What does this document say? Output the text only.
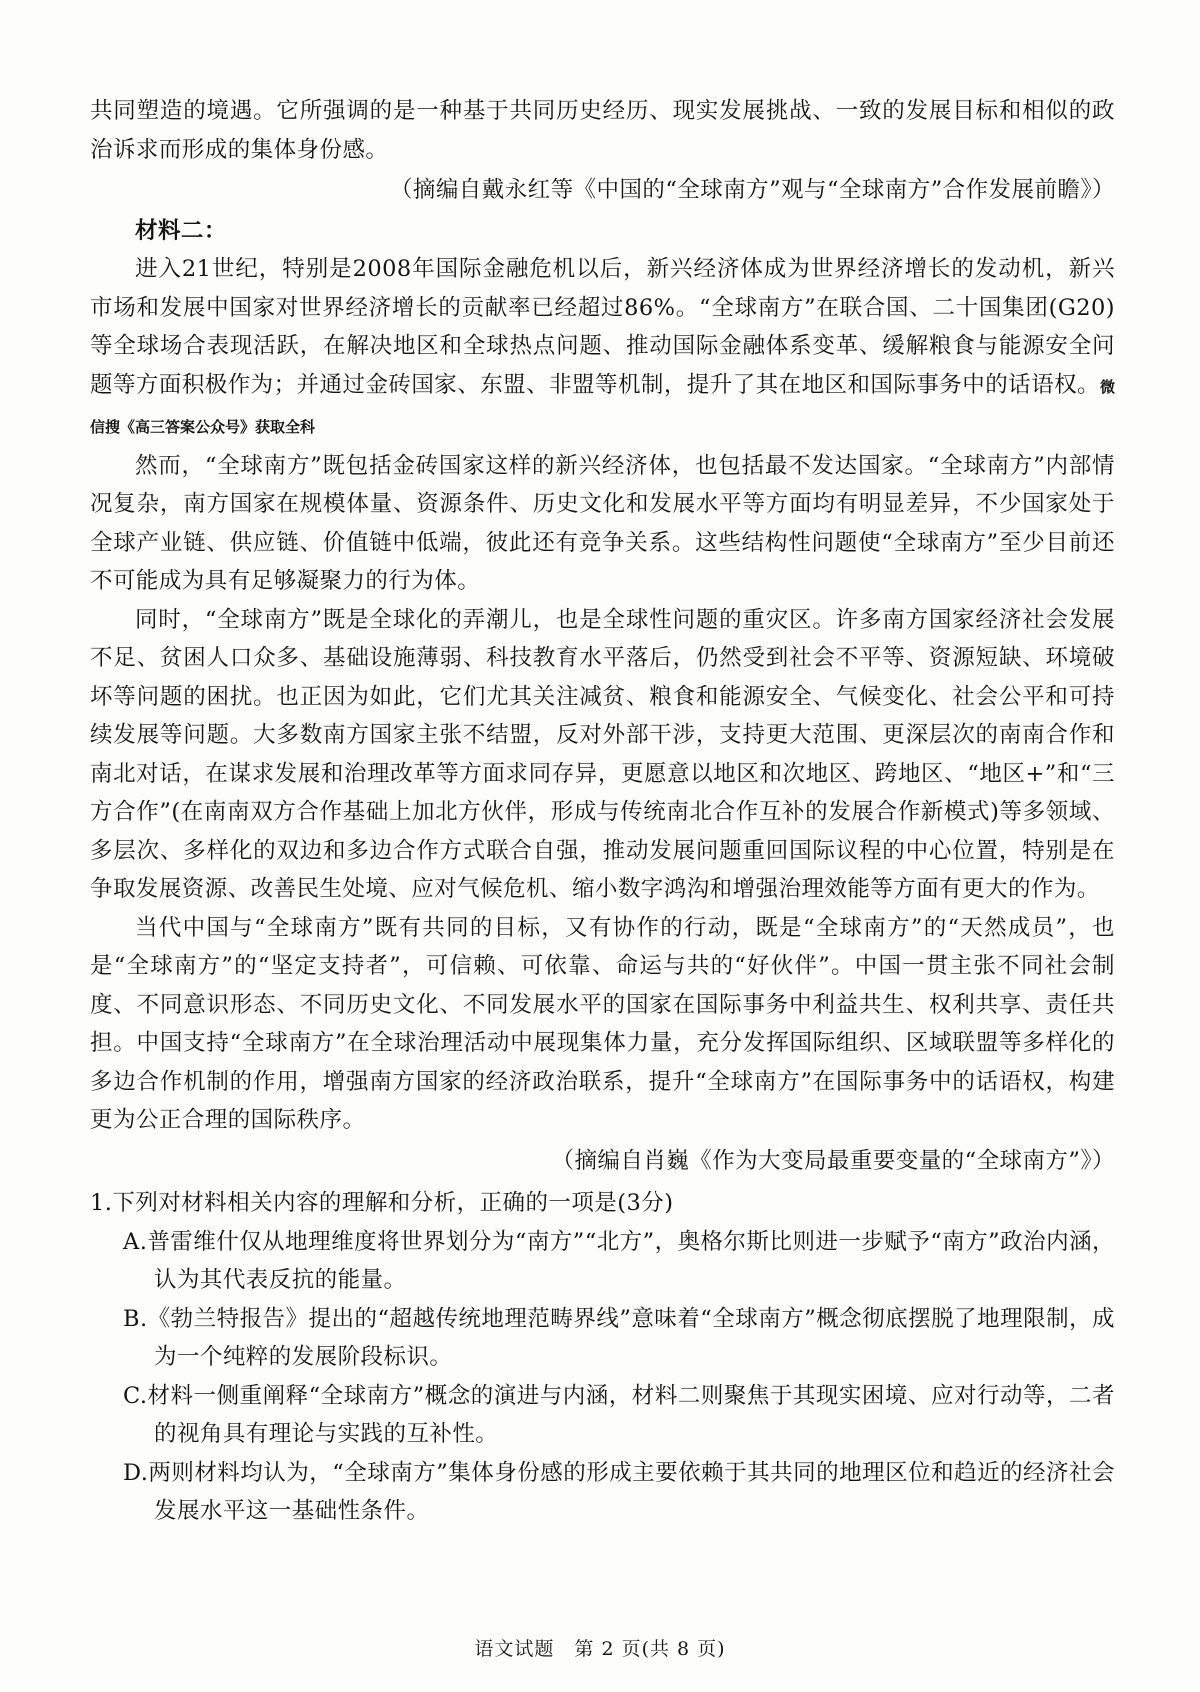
共同塑造的境遇。它所强调的是一种基于共同历史经历、现实发展挑战、一致的发展目标和相似的政治诉求而形成的集体身份感。

（摘编自戴永红等《中国的“全球南方”观与“全球南方”合作发展前瞻》）

材料二：

进入21世纪，特别是2008年国际金融危机以后，新兴经济体成为世界经济增长的发动机，新兴市场和发展中国家对世界经济增长的贡献率已经超过86%。“全球南方”在联合国、二十国集团(G20)等全球场合表现活跃，在解决地区和全球热点问题、推动国际金融体系变革、缓解粮食与能源安全问题等方面积极作为；并通过金砖国家、东盟、非盟等机制，提升了其在地区和国际事务中的话语权。微信搜《高三答案公众号》获取全科

然而，“全球南方”既包括金砖国家这样的新兴经济体，也包括最不发达国家。“全球南方”内部情况复杂，南方国家在规模体量、资源条件、历史文化和发展水平等方面均有明显差异，不少国家处于全球产业链、供应链、价值链中低端，彼此还有竞争关系。这些结构性问题使“全球南方”至少目前还不可能成为具有足够凝聚力的行为体。

同时，“全球南方”既是全球化的弄潮儿，也是全球性问题的重灾区。许多南方国家经济社会发展不足、贫困人口众多、基础设施薄弱、科技教育水平落后，仍然受到社会不平等、资源短缺、环境破坏等问题的困扰。也正因为如此，它们尤其关注减贫、粮食和能源安全、气候变化、社会公平和可持续发展等问题。大多数南方国家主张不结盟，反对外部干涉，支持更大范围、更深层次的南南合作和南北对话，在谋求发展和治理改革等方面求同存异，更愿意以地区和次地区、跨地区、“地区+”和“三方合作”(在南南双方合作基础上加北方伙伴，形成与传统南北合作互补的发展合作新模式)等多领域、多层次、多样化的双边和多边合作方式联合自强，推动发展问题重回国际议程的中心位置，特别是在争取发展资源、改善民生处境、应对气候危机、缩小数字鸿沟和增强治理效能等方面有更大的作为。

当代中国与“全球南方”既有共同的目标，又有协作的行动，既是“全球南方”的“天然成员”，也是“全球南方”的“坚定支持者”，可信赖、可依靠、命运与共的“好伙伴”。中国一贯主张不同社会制度、不同意识形态、不同历史文化、不同发展水平的国家在国际事务中利益共生、权利共享、责任共担。中国支持“全球南方”在全球治理活动中展现集体力量，充分发挥国际组织、区域联盟等多样化的多边合作机制的作用，增强南方国家的经济政治联系，提升“全球南方”在国际事务中的话语权，构建更为公正合理的国际秩序。

（摘编自肖巍《作为大变局最重要变量的“全球南方”》）

1.下列对材料相关内容的理解和分析，正确的一项是(3分)

A.普雷维什仅从地理维度将世界划分为“南方”“北方”，奥格尔斯比则进一步赋予“南方”政治内涵，认为其代表反抗的能量。

B.《勃兰特报告》提出的“超越传统地理范畴界线”意味着“全球南方”概念彻底摆脱了地理限制，成为一个纯粹的发展阶段标识。

C.材料一侧重阐释“全球南方”概念的演进与内涵，材料二则聚焦于其现实困境、应对行动等，二者的视角具有理论与实践的互补性。

D.两则材料均认为，“全球南方”集体身份感的形成主要依赖于其共同的地理区位和趋近的经济社会发展水平这一基础性条件。

语文试题　第 2 页(共 8 页)
